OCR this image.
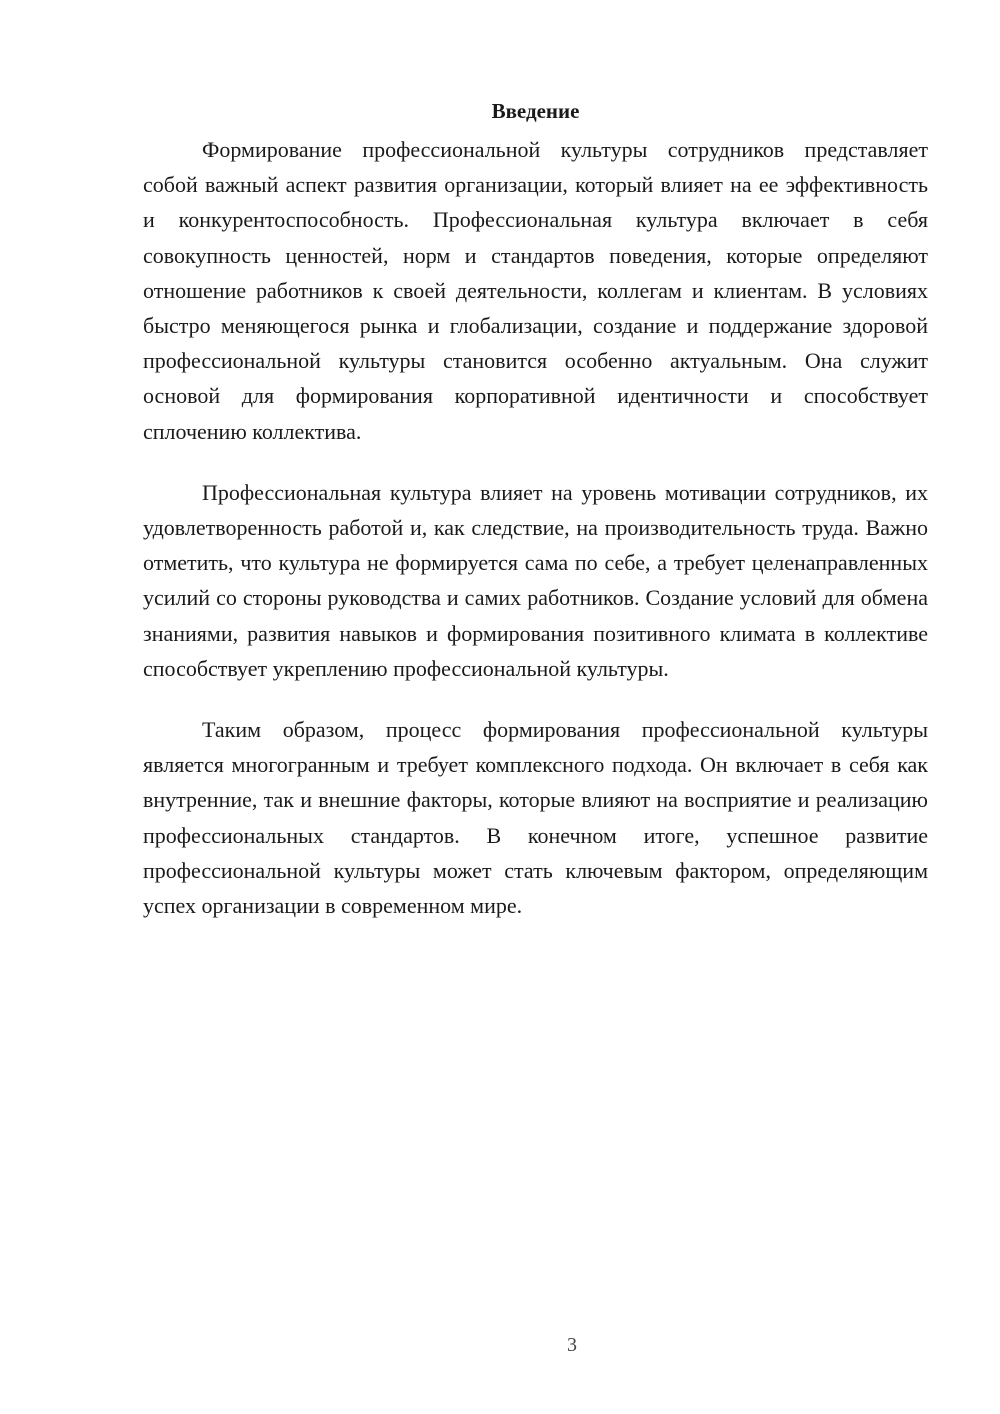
Введение

Формирование профессиональной культуры сотрудников представляет собой важный аспект развития организации, который влияет на ее эффективность и конкурентоспособность. Профессиональная культура включает в себя совокупность ценностей, норм и стандартов поведения, которые определяют отношение работников к своей деятельности, коллегам и клиентам. В условиях быстро меняющегося рынка и глобализации, создание и поддержание здоровой профессиональной культуры становится особенно актуальным. Она служит основой для формирования корпоративной идентичности и способствует сплочению коллектива.

Профессиональная культура влияет на уровень мотивации сотрудников, их удовлетворенность работой и, как следствие, на производительность труда. Важно отметить, что культура не формируется сама по себе, а требует целенаправленных усилий со стороны руководства и самих работников. Создание условий для обмена знаниями, развития навыков и формирования позитивного климата в коллективе способствует укреплению профессиональной культуры.

Таким образом, процесс формирования профессиональной культуры является многогранным и требует комплексного подхода. Он включает в себя как внутренние, так и внешние факторы, которые влияют на восприятие и реализацию профессиональных стандартов. В конечном итоге, успешное развитие профессиональной культуры может стать ключевым фактором, определяющим успех организации в современном мире.

3
